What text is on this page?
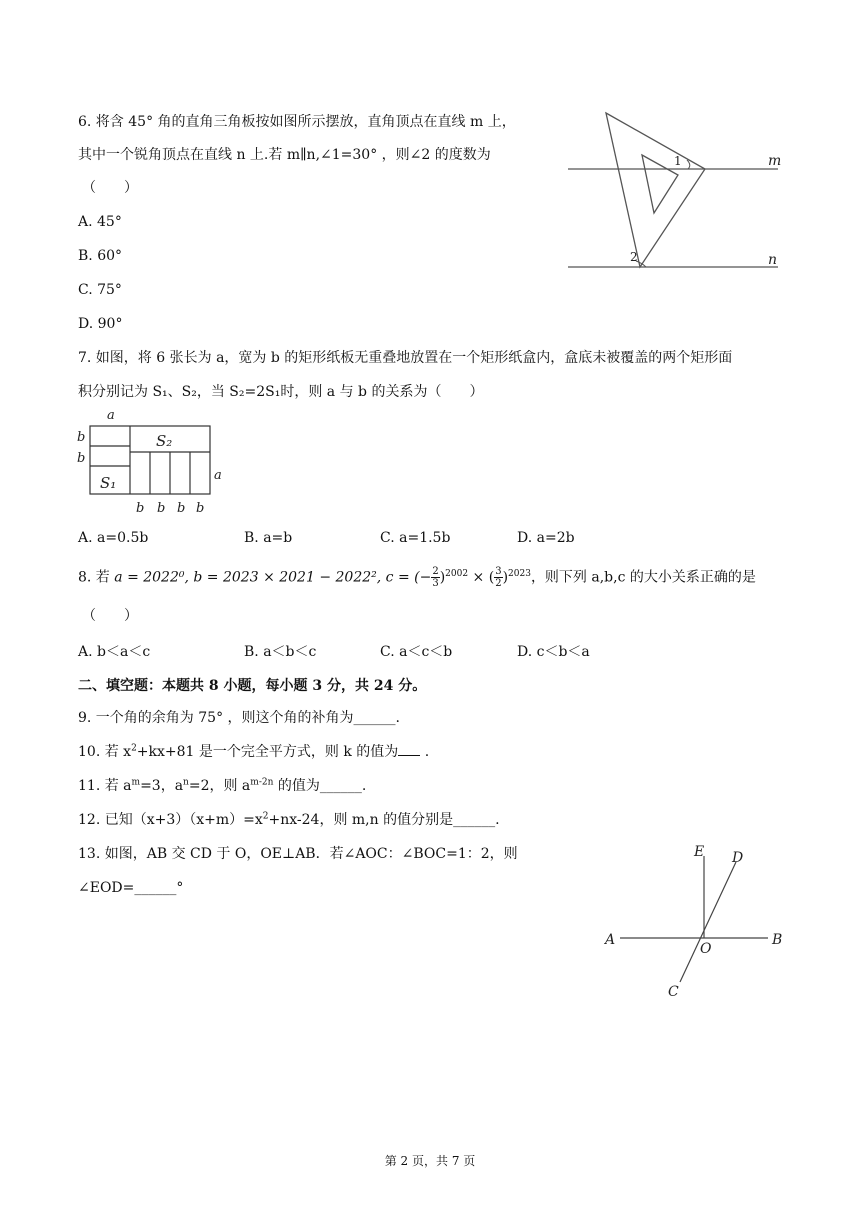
6. 将含 45° 角的直角三角板按如图所示摆放，直角顶点在直线 m 上，
其中一个锐角顶点在直线 n 上.若 m∥n,∠1=30° ，则∠2 的度数为
（　　）
A. 45°
B. 60°
C. 75°
D. 90°
m
n
1
2
7. 如图，将 6 张长为 a，宽为 b 的矩形纸板无重叠地放置在一个矩形纸盒内，盒底未被覆盖的两个矩形面
积分别记为 S₁、S₂，当 S₂=2S₁时，则 a 与 b 的关系为（　　）
a
b
b
S₂
S₁	a
b b b b
A. a=0.5b	B. a=b	C. a=1.5b	D. a=2b
8. 若 a = 2022⁰, b = 2023 × 2021 − 2022², c = (− $\frac{2}{3} )^{2002}$ × ( $\frac{3}{2} )^{2023}$，则下列 a,b,c 的大小关系正确的是
（　　）
A. b＜a＜c	B. a＜b＜c	C. a＜c＜b	D. c＜b＜a
二、填空题：本题共 8 小题，每小题 3 分，共 24 分。
9. 一个角的余角为 75° ，则这个角的补角为______.
10. 若 $x^2+kx+81$ 是一个完全平方式，则 k 的值为 .
11. 若 $a^m=3$，$a^n=2$，则 $a^{m-2n}$ 的值为______.
12. 已知$(x+3)(x+m)=x^2+nx-24$，则 m,n 的值分别是______.
13. 如图，AB 交 CD 于 O，OE⊥AB．若∠AOC：∠BOC=1：2，则
∠EOD=______°
A	B
C
D
E
O
第 2 页，共 7 页
